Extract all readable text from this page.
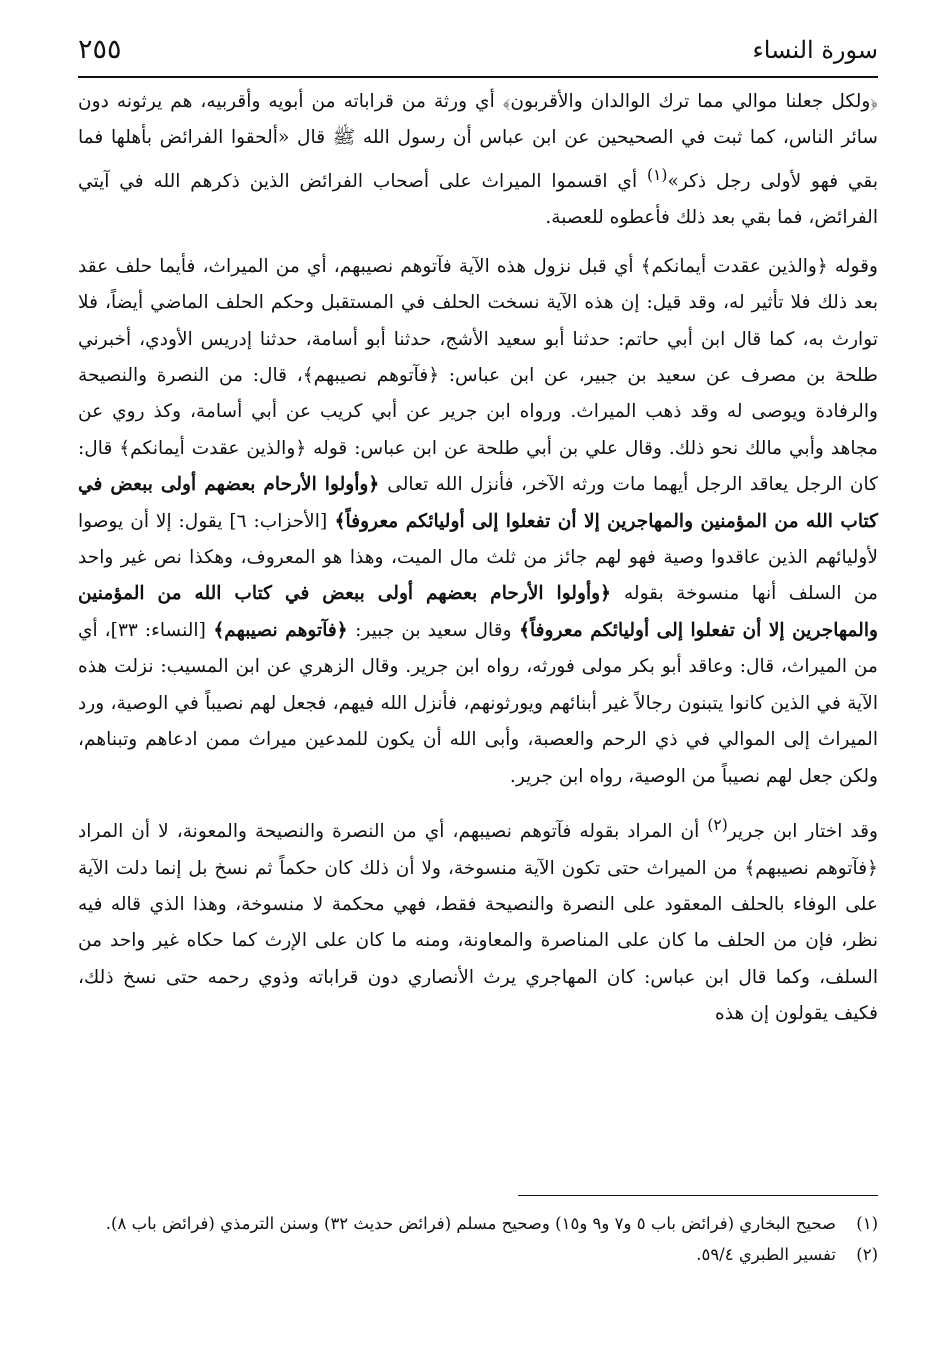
سورة النساء
٢٥٥

﴿ولكل جعلنا موالي مما ترك الوالدان والأقربون﴾ أي ورثة من قراباته من أبويه وأقربيه، هم يرثونه دون سائر الناس، كما ثبت في الصحيحين عن ابن عباس أن رسول الله ﷺ قال «ألحقوا الفرائض بأهلها فما بقي فهو لأولى رجل ذكر»$^{(١)}$ أي اقسموا الميراث على أصحاب الفرائض الذين ذكرهم الله في آيتي الفرائض، فما بقي بعد ذلك فأعطوه للعصبة.

وقوله ﴿والذين عقدت أيمانكم﴾ أي قبل نزول هذه الآية فآتوهم نصيبهم، أي من الميراث، فأيما حلف عقد بعد ذلك فلا تأثير له، وقد قيل: إن هذه الآية نسخت الحلف في المستقبل وحكم الحلف الماضي أيضاً، فلا توارث به، كما قال ابن أبي حاتم: حدثنا أبو سعيد الأشج، حدثنا أبو أسامة، حدثنا إدريس الأودي، أخبرني طلحة بن مصرف عن سعيد بن جبير، عن ابن عباس: ﴿فآتوهم نصيبهم﴾، قال: من النصرة والنصيحة والرفادة ويوصى له وقد ذهب الميراث. ورواه ابن جرير عن أبي كريب عن أبي أسامة، وكذ روي عن مجاهد وأبي مالك نحو ذلك. وقال علي بن أبي طلحة عن ابن عباس: قوله ﴿والذين عقدت أيمانكم﴾ قال: كان الرجل يعاقد الرجل أيهما مات ورثه الآخر، فأنزل الله تعالى ﴿وأولوا الأرحام بعضهم أولى ببعض في كتاب الله من المؤمنين والمهاجرين إلا أن تفعلوا إلى أوليائكم معروفاً﴾ [الأحزاب: ٦] يقول: إلا أن يوصوا لأوليائهم الذين عاقدوا وصية فهو لهم جائز من ثلث مال الميت، وهذا هو المعروف، وهكذا نص غير واحد من السلف أنها منسوخة بقوله ﴿وأولوا الأرحام بعضهم أولى ببعض في كتاب الله من المؤمنين والمهاجرين إلا أن تفعلوا إلى أوليائكم معروفاً﴾ وقال سعيد بن جبير: ﴿فآتوهم نصيبهم﴾ [النساء: ٣٣]، أي من الميراث، قال: وعاقد أبو بكر مولى فورثه، رواه ابن جرير. وقال الزهري عن ابن المسيب: نزلت هذه الآية في الذين كانوا يتبنون رجالاً غير أبنائهم ويورثونهم، فأنزل الله فيهم، فجعل لهم نصيباً في الوصية، ورد الميراث إلى الموالي في ذي الرحم والعصبة، وأبى الله أن يكون للمدعين ميراث ممن ادعاهم وتبناهم، ولكن جعل لهم نصيباً من الوصية، رواه ابن جرير.

وقد اختار ابن جرير$^{(٢)}$ أن المراد بقوله فآتوهم نصيبهم، أي من النصرة والنصيحة والمعونة، لا أن المراد ﴿فآتوهم نصيبهم﴾ من الميراث حتى تكون الآية منسوخة، ولا أن ذلك كان حكماً ثم نسخ بل إنما دلت الآية على الوفاء بالحلف المعقود على النصرة والنصيحة فقط، فهي محكمة لا منسوخة، وهذا الذي قاله فيه نظر، فإن من الحلف ما كان على المناصرة والمعاونة، ومنه ما كان على الإرث كما حكاه غير واحد من السلف، وكما قال ابن عباس: كان المهاجري يرث الأنصاري دون قراباته وذوي رحمه حتى نسخ ذلك، فكيف يقولون إن هذه

(١)
صحيح البخاري (فرائض باب ٥ و٧ و٩ و١٥) وصحيح مسلم (فرائض حديث ٣٢) وسنن الترمذي (فرائض باب ٨).
(٢)
تفسير الطبري ٥٩/٤.
